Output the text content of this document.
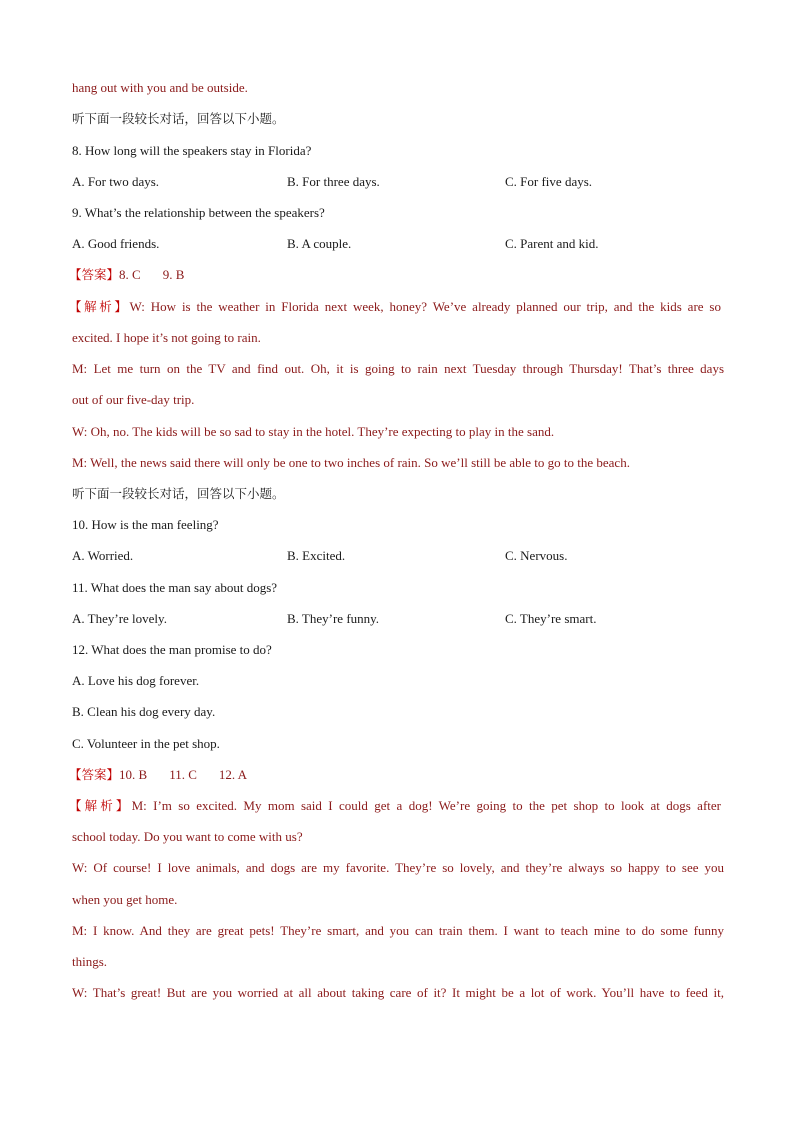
hang out with you and be outside.
听下面一段较长对话，回答以下小题。
8. How long will the speakers stay in Florida?
A. For two days.	B. For three days.	C. For five days.
9. What’s the relationship between the speakers?
A. Good friends.	B. A couple.	C. Parent and kid.
【答案】8. C 9. B
【解析】W: How is the weather in Florida next week, honey? We’ve already planned our trip, and the kids are so
excited. I hope it’s not going to rain.
M: Let me turn on the TV and find out. Oh, it is going to rain next Tuesday through Thursday! That’s three days
out of our five-day trip.
W: Oh, no. The kids will be so sad to stay in the hotel. They’re expecting to play in the sand.
M: Well, the news said there will only be one to two inches of rain. So we’ll still be able to go to the beach.
听下面一段较长对话，回答以下小题。
10. How is the man feeling?
A. Worried.	B. Excited.	C. Nervous.
11. What does the man say about dogs?
A. They’re lovely.	B. They’re funny.	C. They’re smart.
12. What does the man promise to do?
A. Love his dog forever.
B. Clean his dog every day.
C. Volunteer in the pet shop.
【答案】10. B 11. C 12. A
【解析】M: I’m so excited. My mom said I could get a dog! We’re going to the pet shop to look at dogs after
school today. Do you want to come with us?
W: Of course! I love animals, and dogs are my favorite. They’re so lovely, and they’re always so happy to see you
when you get home.
M: I know. And they are great pets! They’re smart, and you can train them. I want to teach mine to do some funny
things.
W: That’s great! But are you worried at all about taking care of it? It might be a lot of work. You’ll have to feed it,
